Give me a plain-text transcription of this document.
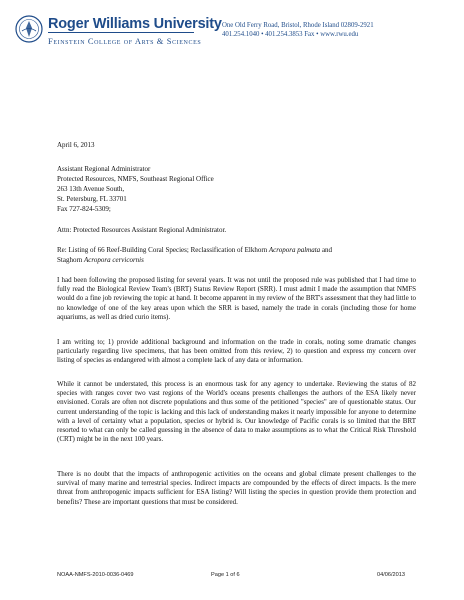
Roger Williams University
Feinstein College of Arts & Sciences
One Old Ferry Road, Bristol, Rhode Island 02809-2921
401.254.1040 • 401.254.3853 Fax • www.rwu.edu
April 6, 2013
Assistant Regional Administrator
Protected Resources, NMFS, Southeast Regional Office
263 13th Avenue South,
St. Petersburg, FL 33701
Fax 727-824-5309;
Attn: Protected Resources Assistant Regional Administrator.
Re: Listing of 66 Reef-Building Coral Species; Reclassification of Elkhorn Acropora palmata and
Staghorn Acropora cervicornis
I had been following the proposed listing for several years. It was not until the proposed rule was published that I had time to fully read the Biological Review Team's (BRT) Status Review Report (SRR). I must admit I made the assumption that NMFS would do a fine job reviewing the topic at hand. It become apparent in my review of the BRT's assessment that they had little to no knowledge of one of the key areas upon which the SRR is based, namely the trade in corals (including those for home aquariums, as well as dried curio items).
I am writing to; 1) provide additional background and information on the trade in corals, noting some dramatic changes particularly regarding live specimens, that has been omitted from this review, 2) to question and express my concern over listing of species as endangered with almost a complete lack of any data or information.
While it cannot be understated, this process is an enormous task for any agency to undertake. Reviewing the status of 82 species with ranges cover two vast regions of the World's oceans presents challenges the authors of the ESA likely never envisioned. Corals are often not discrete populations and thus some of the petitioned "species" are of questionable status. Our current understanding of the topic is lacking and this lack of understanding makes it nearly impossible for anyone to determine with a level of certainty what a population, species or hybrid is. Our knowledge of Pacific corals is so limited that the BRT resorted to what can only be called guessing in the absence of data to make assumptions as to what the Critical Risk Threshold (CRT) might be in the next 100 years.
There is no doubt that the impacts of anthropogenic activities on the oceans and global climate present challenges to the survival of many marine and terrestrial species. Indirect impacts are compounded by the effects of direct impacts. Is the mere threat from anthropogenic impacts sufficient for ESA listing? Will listing the species in question provide them protection and benefits? These are important questions that must be considered.
NOAA-NMFS-2010-0036-0469	Page 1 of 6	04/06/2013
